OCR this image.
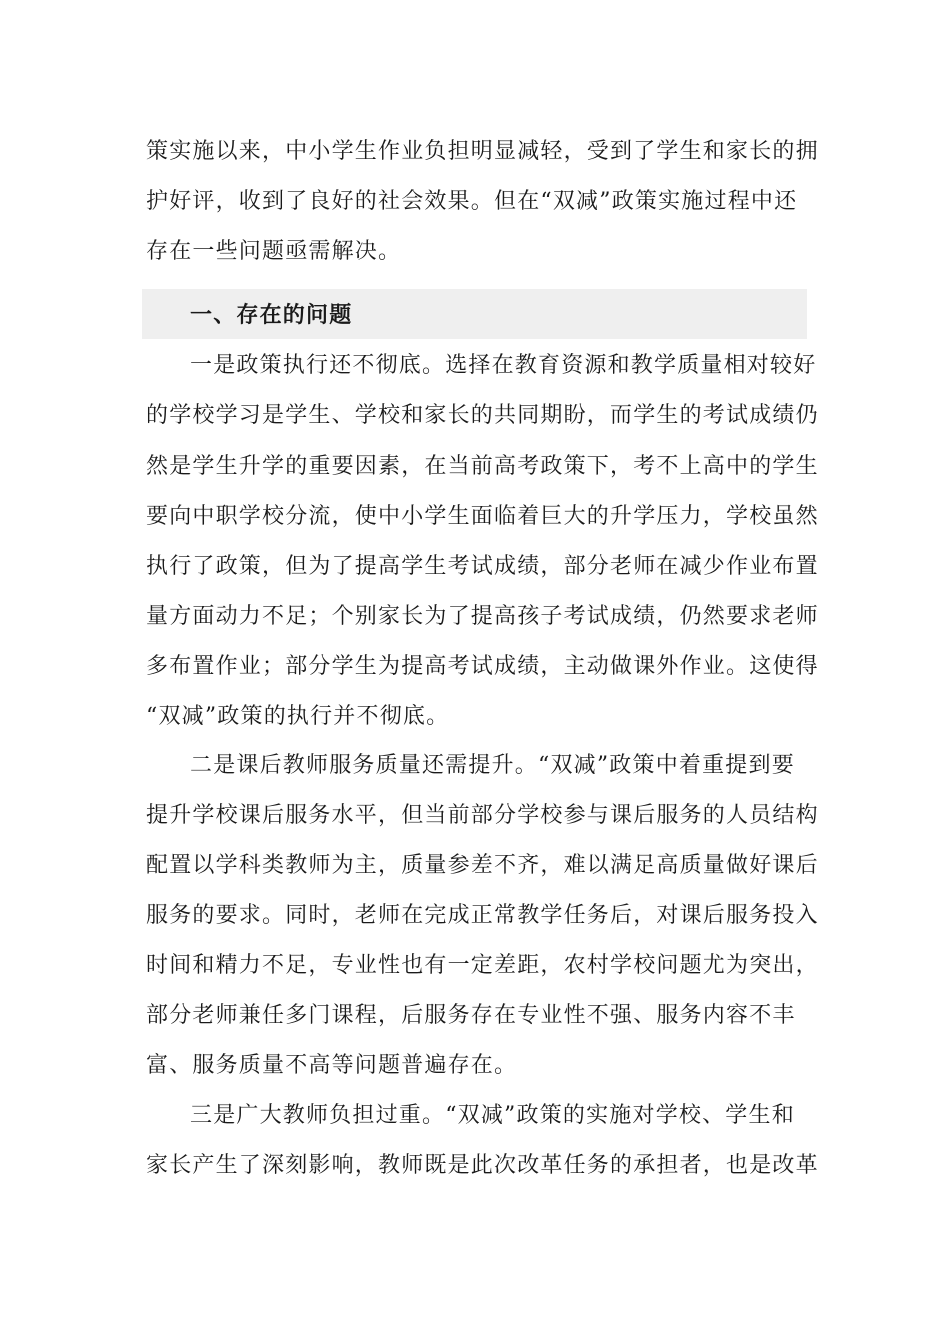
策实施以来，中小学生作业负担明显减轻，受到了学生和家长的拥
护好评，收到了良好的社会效果。但在“双减”政策实施过程中还
存在一些问题亟需解决。
一、存在的问题
一是政策执行还不彻底。选择在教育资源和教学质量相对较好
的学校学习是学生、学校和家长的共同期盼，而学生的考试成绩仍
然是学生升学的重要因素，在当前高考政策下，考不上高中的学生
要向中职学校分流，使中小学生面临着巨大的升学压力，学校虽然
执行了政策，但为了提高学生考试成绩，部分老师在减少作业布置
量方面动力不足；个别家长为了提高孩子考试成绩，仍然要求老师
多布置作业；部分学生为提高考试成绩，主动做课外作业。这使得
“双减”政策的执行并不彻底。
二是课后教师服务质量还需提升。“双减”政策中着重提到要
提升学校课后服务水平，但当前部分学校参与课后服务的人员结构
配置以学科类教师为主，质量参差不齐，难以满足高质量做好课后
服务的要求。同时，老师在完成正常教学任务后，对课后服务投入
时间和精力不足，专业性也有一定差距，农村学校问题尤为突出，
部分老师兼任多门课程，后服务存在专业性不强、服务内容不丰
富、服务质量不高等问题普遍存在。
三是广大教师负担过重。“双减”政策的实施对学校、学生和
家长产生了深刻影响，教师既是此次改革任务的承担者，也是改革
